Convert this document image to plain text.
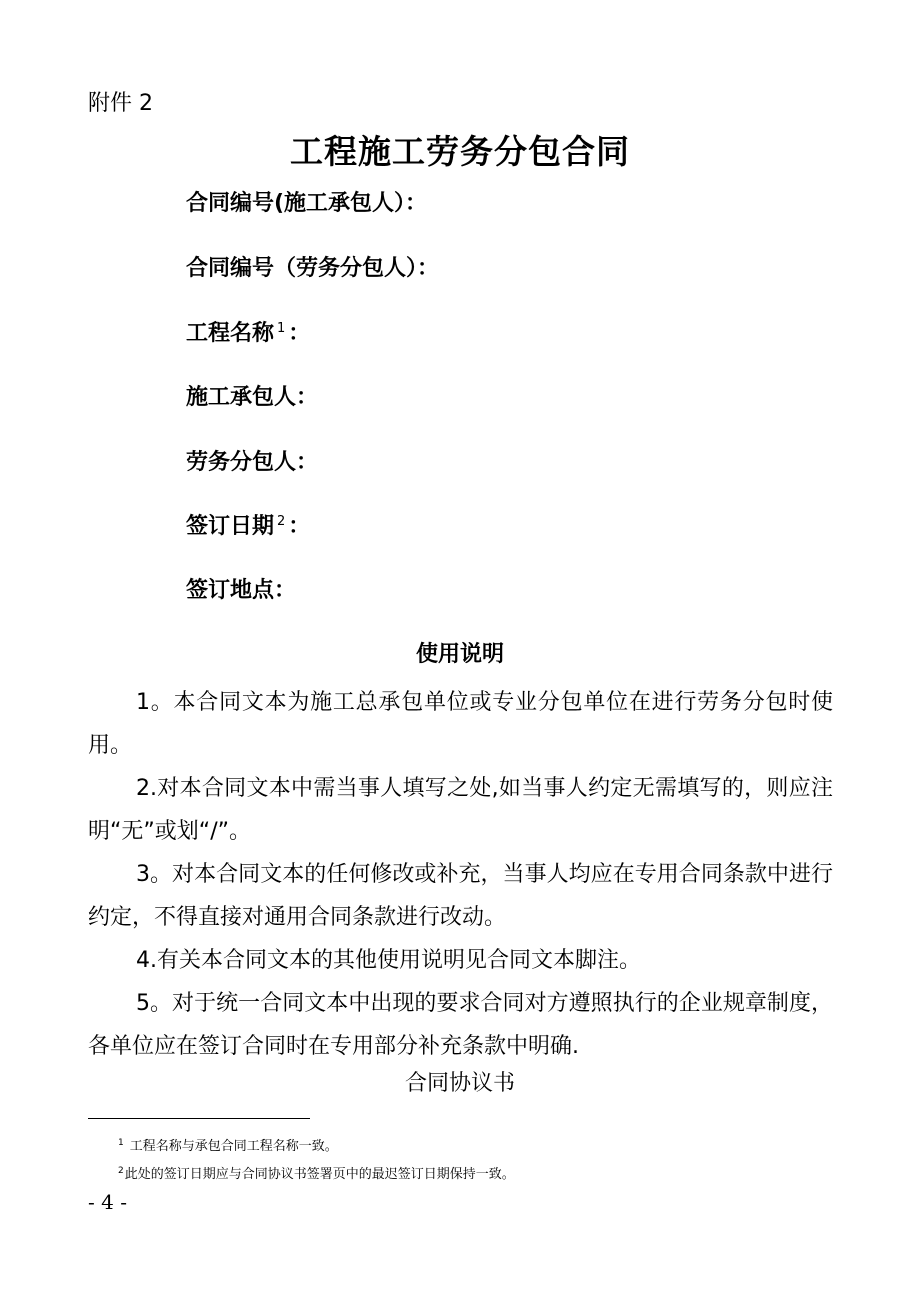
附件 2
工程施工劳务分包合同
合同编号(施工承包人）：
合同编号（劳务分包人）：
工程名称 $^1$ ：
施工承包人：
劳务分包人：
签订日期 $^2$ ：
签订地点：
使用说明
1。本合同文本为施工总承包单位或专业分包单位在进行劳务分包时使用。
2.对本合同文本中需当事人填写之处,如当事人约定无需填写的，则应注明“无”或划“/”。
3。对本合同文本的任何修改或补充，当事人均应在专用合同条款中进行约定，不得直接对通用合同条款进行改动。
4.有关本合同文本的其他使用说明见合同文本脚注。
5。对于统一合同文本中出现的要求合同对方遵照执行的企业规章制度，各单位应在签订合同时在专用部分补充条款中明确.
合同协议书
$^1$ 工程名称与承包合同工程名称一致。
$^2$此处的签订日期应与合同协议书签署页中的最迟签订日期保持一致。
- 4 -
